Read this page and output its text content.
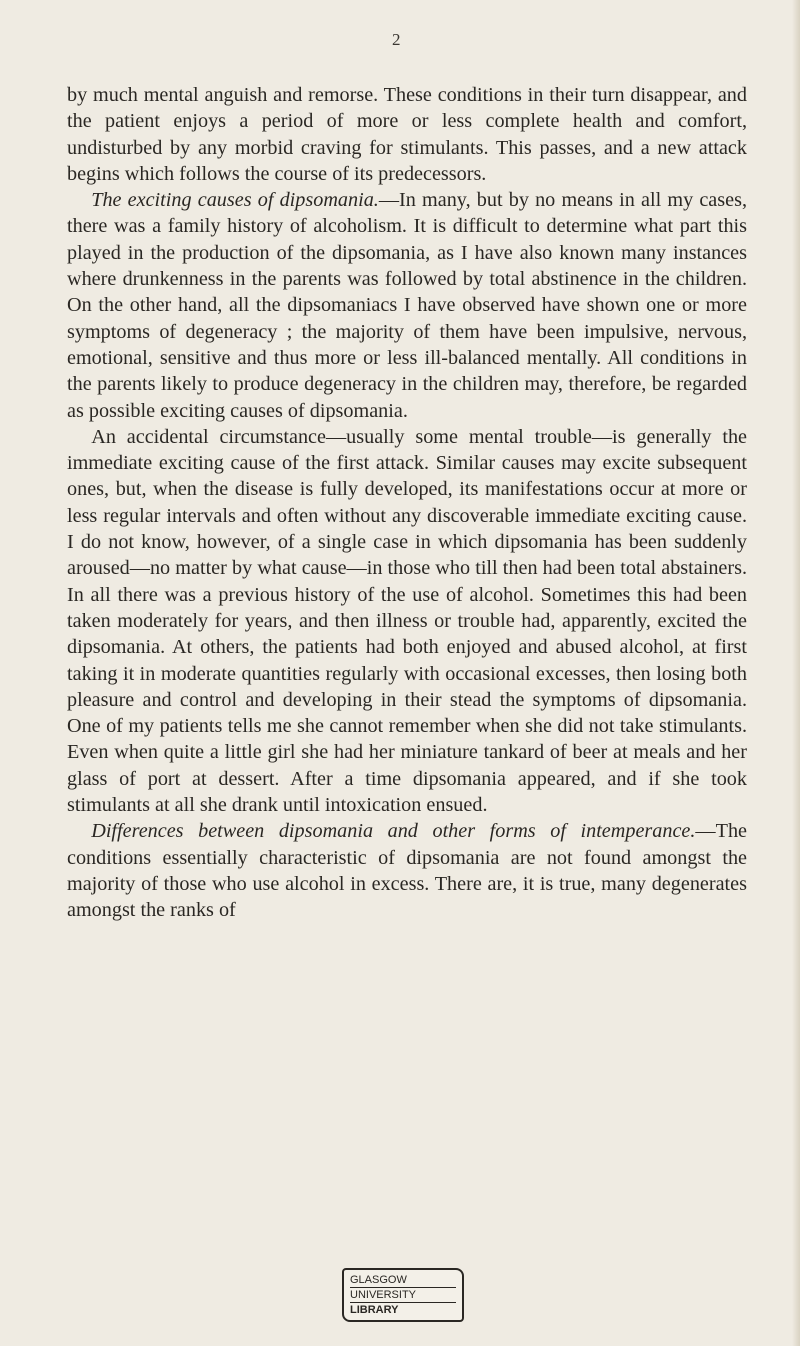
2

by much mental anguish and remorse. These conditions in their turn disappear, and the patient enjoys a period of more or less complete health and comfort, undisturbed by any morbid craving for stimulants. This passes, and a new attack begins which follows the course of its predecessors.

The exciting causes of dipsomania.—In many, but by no means in all my cases, there was a family history of alcoholism. It is difficult to determine what part this played in the production of the dipsomania, as I have also known many instances where drunkenness in the parents was followed by total abstinence in the children. On the other hand, all the dipsomaniacs I have observed have shown one or more symptoms of degeneracy ; the majority of them have been impulsive, nervous, emotional, sensitive and thus more or less ill-balanced mentally. All conditions in the parents likely to produce degeneracy in the children may, therefore, be regarded as possible exciting causes of dipsomania.

An accidental circumstance—usually some mental trouble—is generally the immediate exciting cause of the first attack. Similar causes may excite subsequent ones, but, when the disease is fully developed, its manifestations occur at more or less regular intervals and often without any discoverable immediate exciting cause. I do not know, however, of a single case in which dipsomania has been suddenly aroused—no matter by what cause—in those who till then had been total abstainers. In all there was a previous history of the use of alcohol. Sometimes this had been taken moderately for years, and then illness or trouble had, apparently, excited the dipsomania. At others, the patients had both enjoyed and abused alcohol, at first taking it in moderate quantities regularly with occasional excesses, then losing both pleasure and control and developing in their stead the symptoms of dipsomania. One of my patients tells me she cannot remember when she did not take stimulants. Even when quite a little girl she had her miniature tankard of beer at meals and her glass of port at dessert. After a time dipsomania appeared, and if she took stimulants at all she drank until intoxication ensued.

Differences between dipsomania and other forms of intemperance.—The conditions essentially characteristic of dipsomania are not found amongst the majority of those who use alcohol in excess. There are, it is true, many degenerates amongst the ranks of

GLASGOW
UNIVERSITY
LIBRARY
